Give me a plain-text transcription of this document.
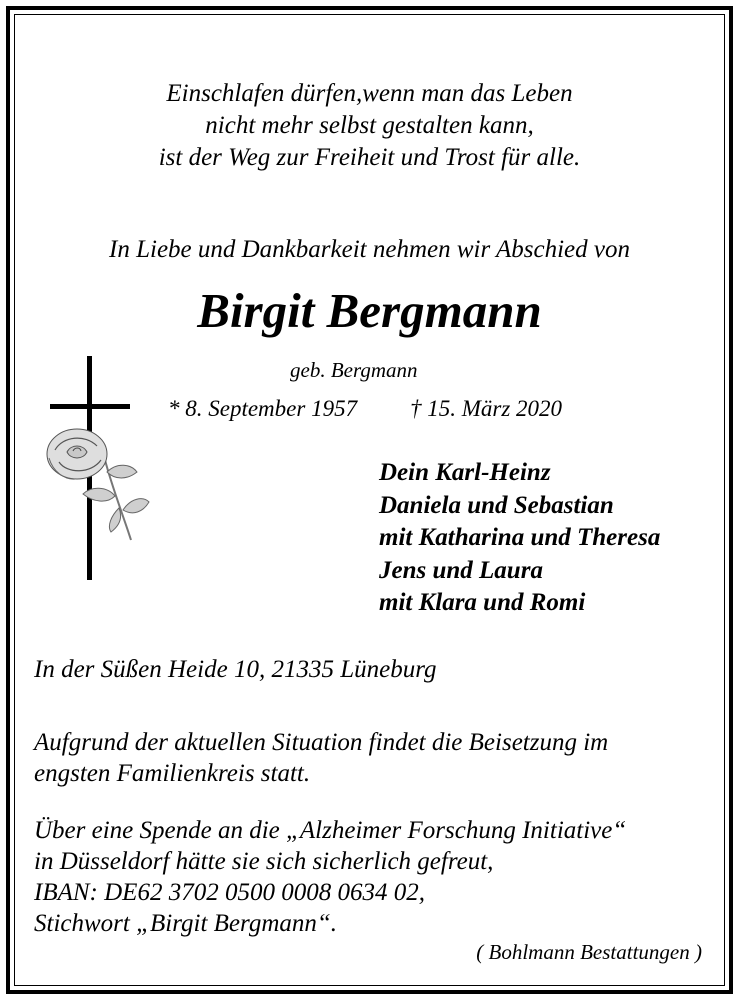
Einschlafen dürfen,wenn man das Leben
nicht mehr selbst gestalten kann,
ist der Weg zur Freiheit und Trost für alle.
In Liebe und Dankbarkeit nehmen wir Abschied von
Birgit Bergmann
geb. Bergmann
* 8. September 1957 † 15. März 2020
Dein Karl-Heinz
Daniela und Sebastian
mit Katharina und Theresa
Jens und Laura
mit Klara und Romi
In der Süßen Heide 10, 21335 Lüneburg
Aufgrund der aktuellen Situation findet die Beisetzung im
engsten Familienkreis statt.
Über eine Spende an die „Alzheimer Forschung Initiative“
in Düsseldorf hätte sie sich sicherlich gefreut,
IBAN: DE62 3702 0500 0008 0634 02,
Stichwort „Birgit Bergmann“.
( Bohlmann Bestattungen )
